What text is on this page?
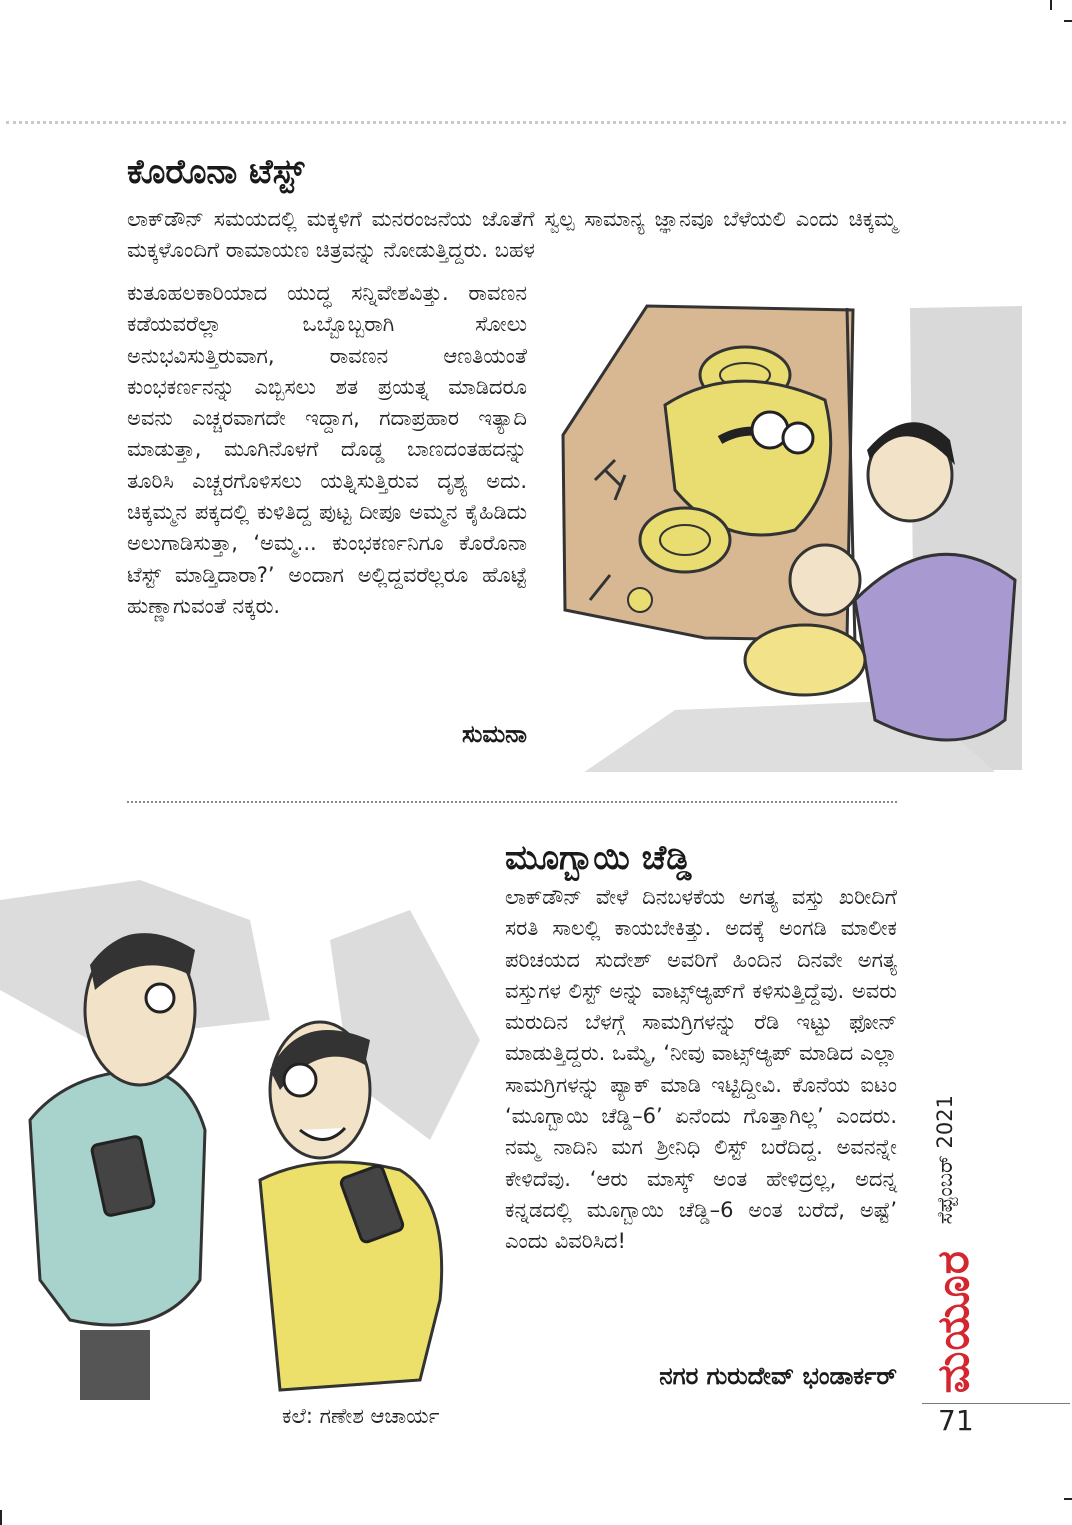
ಕೊರೊನಾ ಟೆಸ್ಟ್

ಲಾಕ್‌ಡೌನ್ ಸಮಯದಲ್ಲಿ ಮಕ್ಕಳಿಗೆ ಮನರಂಜನೆಯ ಜೊತೆಗೆ ಸ್ವಲ್ಪ ಸಾಮಾನ್ಯ ಜ್ಞಾನವೂ ಬೆಳೆಯಲಿ ಎಂದು ಚಿಕ್ಕಮ್ಮ ಮಕ್ಕಳೊಂದಿಗೆ ರಾಮಾಯಣ ಚಿತ್ರವನ್ನು ನೋಡುತ್ತಿದ್ದರು. ಬಹಳ

ಕುತೂಹಲಕಾರಿಯಾದ ಯುದ್ಧ ಸನ್ನಿವೇಶವಿತ್ತು. ರಾವಣನ ಕಡೆಯವರೆಲ್ಲಾ ಒಬ್ಬೊಬ್ಬರಾಗಿ ಸೋಲು ಅನುಭವಿಸುತ್ತಿರುವಾಗ, ರಾವಣನ ಆಣತಿಯಂತೆ ಕುಂಭಕರ್ಣನನ್ನು ಎಬ್ಬಿಸಲು ಶತ ಪ್ರಯತ್ನ ಮಾಡಿದರೂ ಅವನು ಎಚ್ಚರವಾಗದೇ ಇದ್ದಾಗ, ಗದಾಪ್ರಹಾರ ಇತ್ಯಾದಿ ಮಾಡುತ್ತಾ, ಮೂಗಿನೊಳಗೆ ದೊಡ್ಡ ಬಾಣದಂತಹದನ್ನು ತೂರಿಸಿ ಎಚ್ಚರಗೊಳಿಸಲು ಯತ್ನಿಸುತ್ತಿರುವ ದೃಶ್ಯ ಅದು. ಚಿಕ್ಕಮ್ಮನ ಪಕ್ಕದಲ್ಲಿ ಕುಳಿತಿದ್ದ ಪುಟ್ಟ ದೀಪೂ ಅಮ್ಮನ ಕೈಹಿಡಿದು ಅಲುಗಾಡಿಸುತ್ತಾ, ‘ಅಮ್ಮ... ಕುಂಭಕರ್ಣನಿಗೂ ಕೊರೊನಾ ಟೆಸ್ಟ್ ಮಾಡ್ತಿದಾರಾ?’ ಅಂದಾಗ ಅಲ್ಲಿದ್ದವರೆಲ್ಲರೂ ಹೊಟ್ಟೆ ಹುಣ್ಣಾಗುವಂತೆ ನಕ್ಕರು.

ಸುಮನಾ

ಮೂಗ್ಬಾಯಿ ಚೆಡ್ಡಿ

ಲಾಕ್‌ಡೌನ್ ವೇಳೆ ದಿನಬಳಕೆಯ ಅಗತ್ಯ ವಸ್ತು ಖರೀದಿಗೆ ಸರತಿ ಸಾಲಲ್ಲಿ ಕಾಯಬೇಕಿತ್ತು. ಅದಕ್ಕೆ ಅಂಗಡಿ ಮಾಲೀಕ ಪರಿಚಯದ ಸುದೇಶ್ ಅವರಿಗೆ ಹಿಂದಿನ ದಿನವೇ ಅಗತ್ಯ ವಸ್ತುಗಳ ಲಿಸ್ಟ್ ಅನ್ನು ವಾಟ್ಸ್‌ಆ್ಯಪ್‌ಗೆ ಕಳಿಸುತ್ತಿದ್ದೆವು. ಅವರು ಮರುದಿನ ಬೆಳಗ್ಗೆ ಸಾಮಗ್ರಿಗಳನ್ನು ರೆಡಿ ಇಟ್ಟು ಫೋನ್ ಮಾಡುತ್ತಿದ್ದರು. ಒಮ್ಮೆ, ‘ನೀವು ವಾಟ್ಸ್‌ಆ್ಯಪ್ ಮಾಡಿದ ಎಲ್ಲಾ ಸಾಮಗ್ರಿಗಳನ್ನು ಪ್ಯಾಕ್ ಮಾಡಿ ಇಟ್ಟಿದ್ದೀವಿ. ಕೊನೆಯ ಐಟಂ ‘ಮೂಗ್ಬಾಯಿ ಚೆಡ್ಡಿ–6’ ಏನೆಂದು ಗೊತ್ತಾಗಿಲ್ಲ’ ಎಂದರು. ನಮ್ಮ ನಾದಿನಿ ಮಗ ಶ್ರೀನಿಧಿ ಲಿಸ್ಟ್ ಬರೆದಿದ್ದ. ಅವನನ್ನೇ ಕೇಳಿದೆವು. ‘ಆರು ಮಾಸ್ಕ್ ಅಂತ ಹೇಳಿದ್ರಲ್ಲ, ಅದನ್ನ ಕನ್ನಡದಲ್ಲಿ ಮೂಗ್ಬಾಯಿ ಚೆಡ್ಡಿ–6 ಅಂತ ಬರೆದೆ, ಅಷ್ಟೆ’ ಎಂದು ವಿವರಿಸಿದ!

ನಗರ ಗುರುದೇವ್ ಭಂಡಾರ್ಕರ್

ಕಲೆ: ಗಣೇಶ ಆಚಾರ್ಯ

ಸೆಪ್ಟೆಂಬರ್ 2021
ಮಯೂರ

71
